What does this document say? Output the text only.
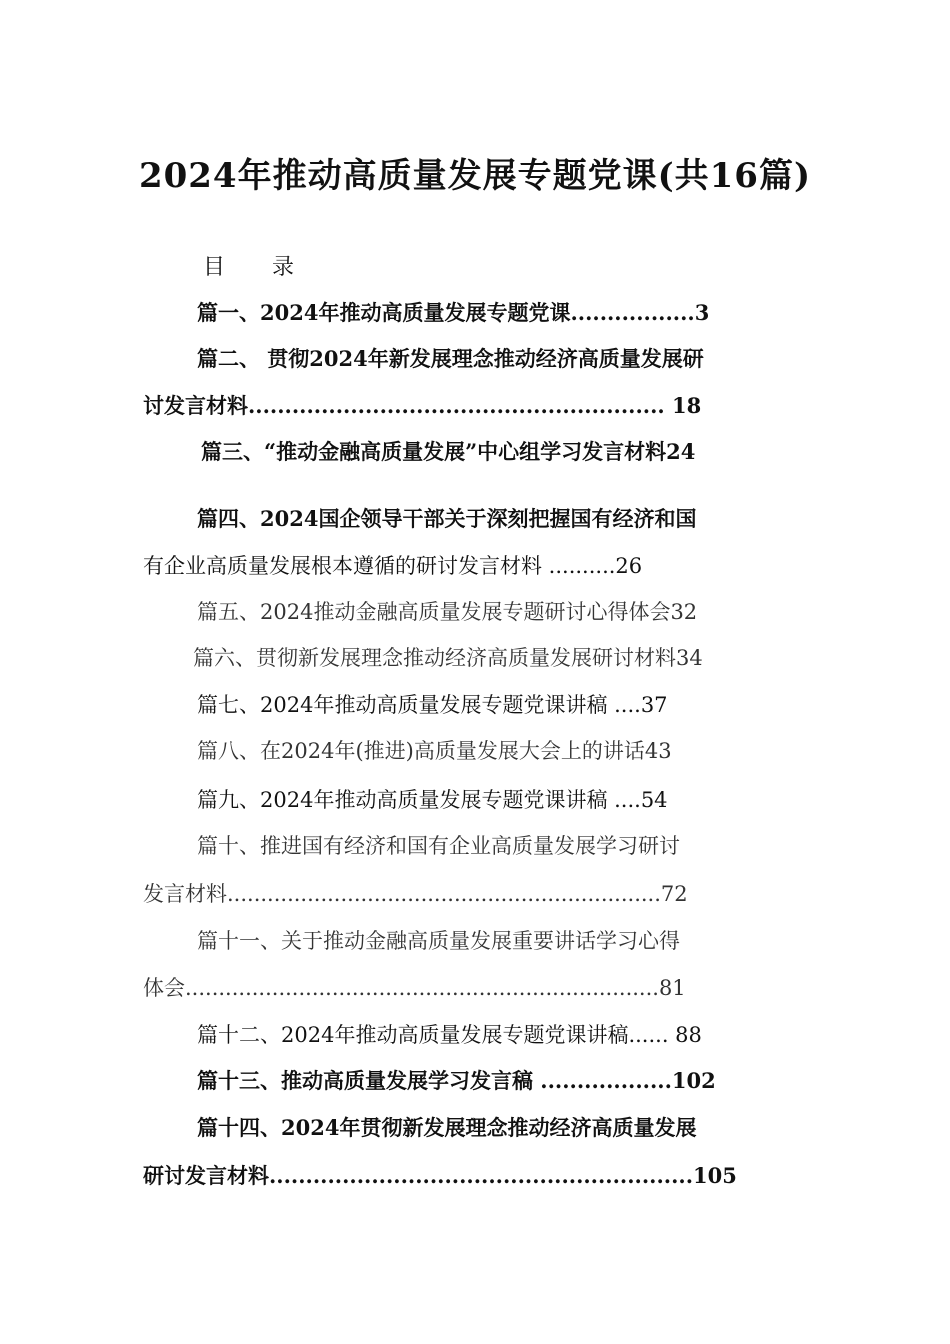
2024年推动高质量发展专题党课(共16篇)
目 录
篇一、2024年推动高质量发展专题党课.................3
篇二、 贯彻2024年新发展理念推动经济高质量发展研
讨发言材料......................................................... 18
篇三、“推动金融高质量发展”中心组学习发言材料24
篇四、2024国企领导干部关于深刻把握国有经济和国
有企业高质量发展根本遵循的研讨发言材料 ..........26
篇五、2024推动金融高质量发展专题研讨心得体会32
篇六、贯彻新发展理念推动经济高质量发展研讨材料34
篇七、2024年推动高质量发展专题党课讲稿 ....37
篇八、在2024年(推进)高质量发展大会上的讲话43
篇九、2024年推动高质量发展专题党课讲稿 ....54
篇十、推进国有经济和国有企业高质量发展学习研讨
发言材料.................................................................72
篇十一、关于推动金融高质量发展重要讲话学习心得
体会.......................................................................81
篇十二、2024年推动高质量发展专题党课讲稿...... 88
篇十三、推动高质量发展学习发言稿 ..................102
篇十四、2024年贯彻新发展理念推动经济高质量发展
研讨发言材料..........................................................105
